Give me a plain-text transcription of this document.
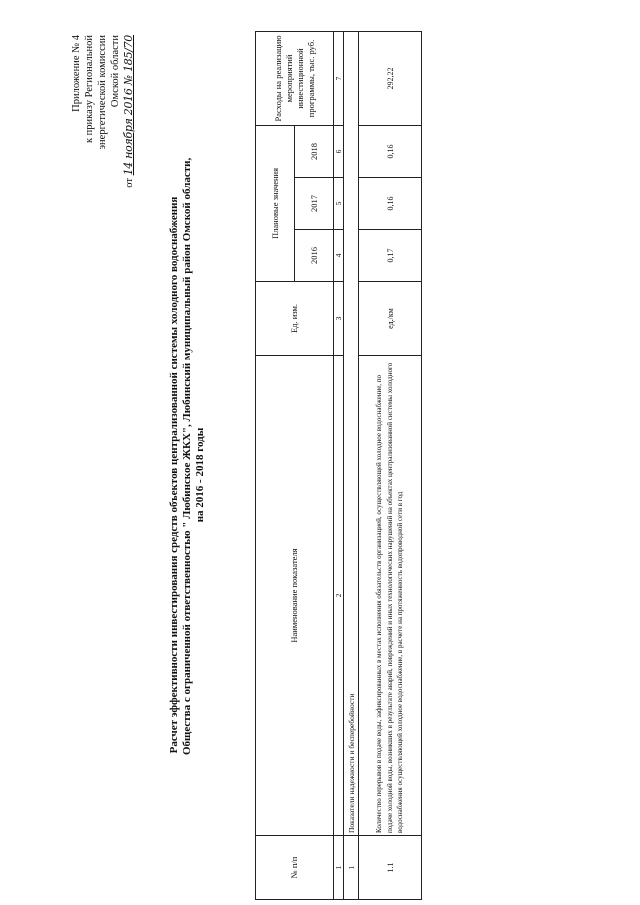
Приложение № 4 к приказу Региональной энергетической комиссии Омской области
от 14 ноября 2016 № 185/70
Расчет эффективности инвестирования средств объектов централизованной системы холодного водоснабжения Общества с ограниченной ответственностью " Любинское ЖКХ", Любинский муниципальный район Омской области, на 2016 - 2018 годы
№ п/п	Наименование показателя	Ед. изм.	Плановые значения			Расходы на реализацию мероприятий инвестиционной программы, тыс. руб.
			2016	2017	2018	
1	2	3	4	5	6	7
1	Показатели надежности и бесперебойности					
1.1	Количество перерывов в подаче воды, зафиксированных в местах исполнения обязательств организацией, осуществляющей холодное водоснабжение, по подаче холодной воды, возникших в результате аварий, повреждений и иных технологических нарушений на объектах централизованной системы холодного водоснабжения осуществляющей холодное водоснабжение, в расчете на протяженность водопроводной сети в год	ед./км	0,17	0,16	0,16	292,22
